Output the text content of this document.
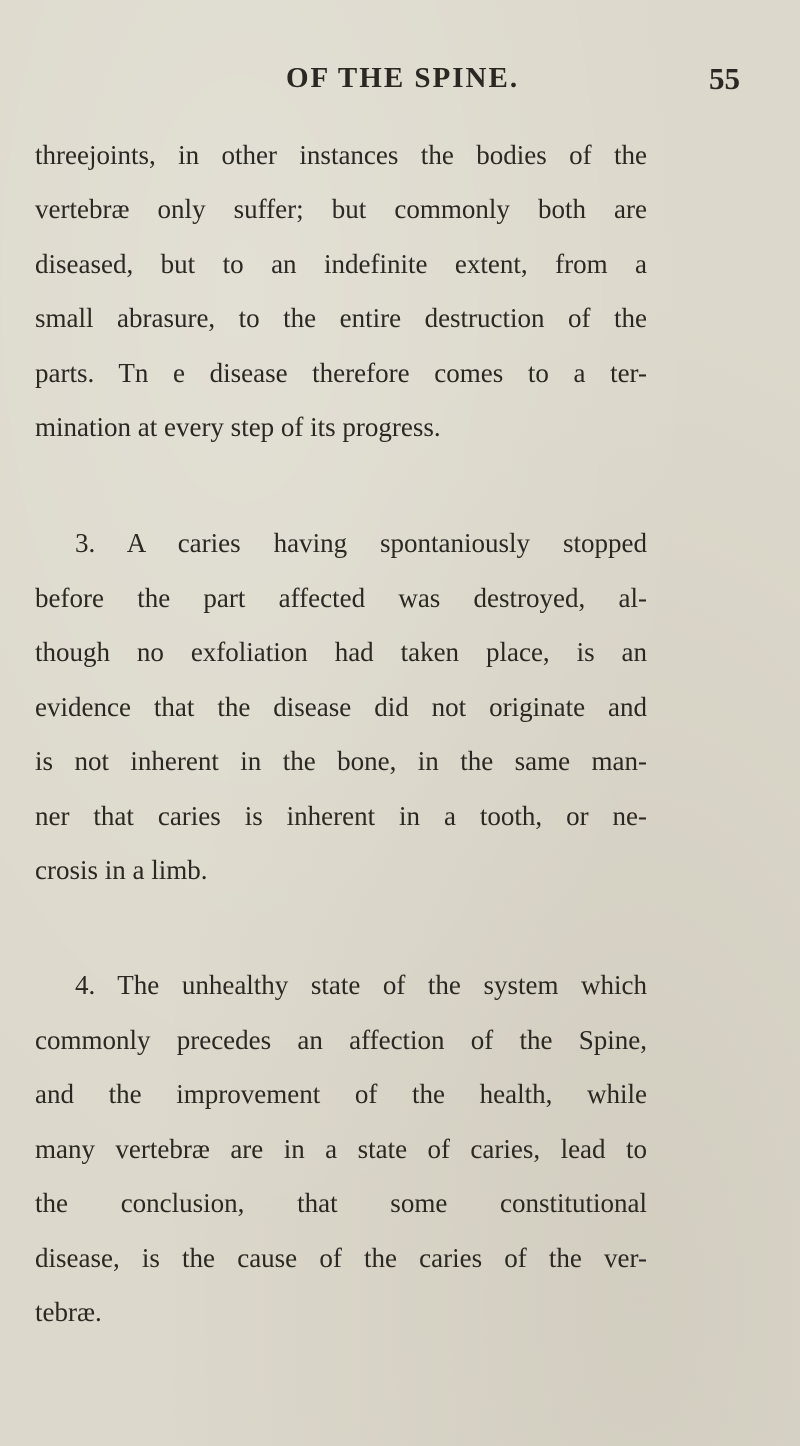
OF THE SPINE.	55
threejoints, in other instances the bodies of the
vertebræ only suffer; but commonly both are
diseased, but to an indefinite extent, from a
small abrasure, to the entire destruction of the
parts. Tn e disease therefore comes to a ter-
mination at every step of its progress.
3. A caries having spontaniously stopped
before the part affected was destroyed, al-
though no exfoliation had taken place, is an
evidence that the disease did not originate and
is not inherent in the bone, in the same man-
ner that caries is inherent in a tooth, or ne-
crosis in a limb.
4. The unhealthy state of the system which
commonly precedes an affection of the Spine,
and the improvement of the health, while
many vertebræ are in a state of caries, lead to
the conclusion, that some constitutional
disease, is the cause of the caries of the ver-
tebræ.
